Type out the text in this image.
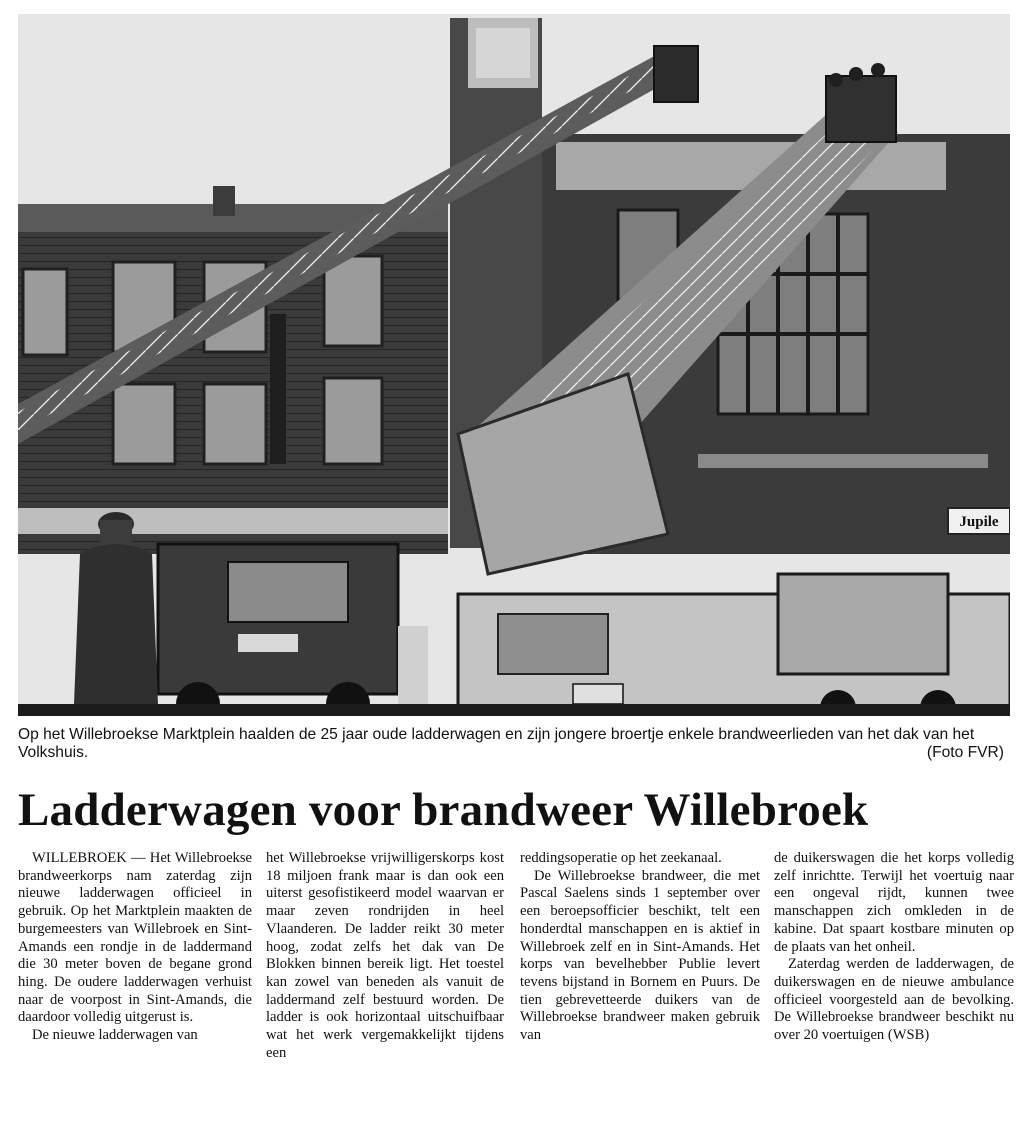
Jupile
Op het Willebroekse Marktplein haalden de 25 jaar oude ladderwagen en zijn jongere broertje enkele brandweerlieden van het dak van het Volkshuis.	(Foto FVR)
Ladderwagen voor brandweer Willebroek

WILLEBROEK — Het Willebroekse brandweerkorps nam zaterdag zijn nieuwe ladderwagen officieel in gebruik. Op het Marktplein maakten de burgemeesters van Willebroek en Sint-Amands een rondje in de laddermand die 30 meter boven de begane grond hing. De oudere ladderwagen verhuist naar de voorpost in Sint-Amands, die daardoor volledig uitgerust is.

De nieuwe ladderwagen van

het Willebroekse vrijwilligerskorps kost 18 miljoen frank maar is dan ook een uiterst gesofistikeerd model waarvan er maar zeven rondrijden in heel Vlaanderen. De ladder reikt 30 meter hoog, zodat zelfs het dak van De Blokken binnen bereik ligt. Het toestel kan zowel van beneden als vanuit de laddermand zelf bestuurd worden. De ladder is ook horizontaal uitschuifbaar wat het werk vergemakkelijkt tijdens een

reddingsoperatie op het zeekanaal.

De Willebroekse brandweer, die met Pascal Saelens sinds 1 september over een beroepsofficier beschikt, telt een honderdtal manschappen en is aktief in Willebroek zelf en in Sint-Amands. Het korps van bevelhebber Publie levert tevens bijstand in Bornem en Puurs. De tien gebrevetteerde duikers van de Willebroekse brandweer maken gebruik van

de duikerswagen die het korps volledig zelf inrichtte. Terwijl het voertuig naar een ongeval rijdt, kunnen twee manschappen zich omkleden in de kabine. Dat spaart kostbare minuten op de plaats van het onheil.

Zaterdag werden de ladderwagen, de duikerswagen en de nieuwe ambulance officieel voorgesteld aan de bevolking. De Willebroekse brandweer beschikt nu over 20 voertuigen (WSB)
